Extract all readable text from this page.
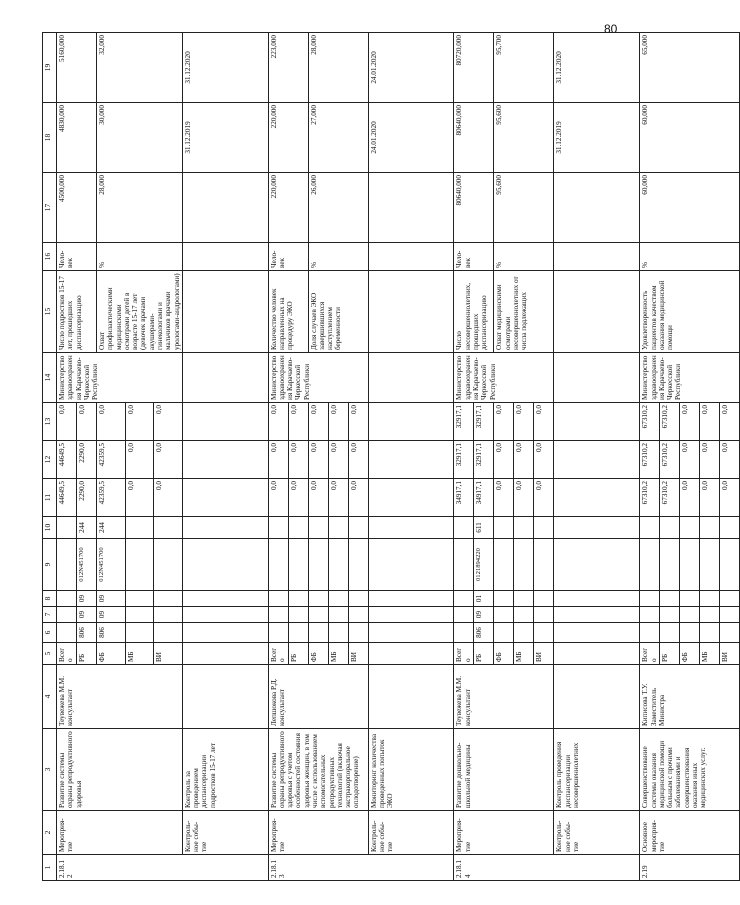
80
1	2	3	4	5	6	7	8	9	10	11	12	13	14	15	16	17	18	19	
2.18.12	Мероприя-тие	Развитие системы охраны репродуктивного здоровья	Теувежева М.М. консультант	Всего						44649,5	44649,5	0,0	Министерство здравоохранения Карачаево-Черкесской Республики	Число подростков 15-17 лет, прошедших диспансеризацию	Чело-век	4500,000	4830,000	5160,000	
				РБ	806	09	09	012N451700	244	2290,0	2290,0	0,0							
				ФБ	806	09	09	012N451700	244	42359,5	42359,5	0,0		Охват профилактическими медицинскими осмотрами детей в возрасте 15-17 лет (девочек врачами акушерами-гинекологами и мальчиков врачами урологами-андрологами)	%	28,000	30,000	32,000	
				МБ						0,0	0,0	0,0							
				ВИ						0,0	0,0	0,0							
	Контроль-ное собы-тие	Контроль за проведением диспансеризации подростков 15-17 лет															31.12.2019	31.12.2020	
2.18.13	Мероприя-тие	Развитие системы охраны репродуктивного здоровья с учетом особенностей состояния здоровья женщин, в том числе с использованием вспомогательных репродуктивных технологий (включая экстракорпоральное оплодотворение)	Лепшокова Р.Д. консультант	Всего						0,0	0,0	0,0	Министерство здравоохранения Карачаево-Черкесской Республики	Количество человек направленных на процедуру ЭКО	Чело-век	220,000	220,000	223,000	
				РБ						0,0	0,0	0,0							
				ФБ						0,0	0,0	0,0		Доля случаев ЭКО завершившихся наступлением беременности	%	26,000	27,000	28,000	
				МБ						0,0	0,0	0,0							
				ВИ						0,0	0,0	0,0							
	Контроль-ное собы-тие	Мониторинг количества проведенных попыток ЭКО															24.01.2020	24.01.2020	
2.18.14	Мероприя-тие	Развитие дошкольно-школьной медицины	Теувежева М.М. консультант	Всего						34917,1	32917,1	32917,1	Министерство здравоохранения Карачаево-Черкесской Республики	Число несовершеннолетних, прошедших диспансеризацию	Чело-век	80640,000	80640,000	80720,000	
				РБ	806	09	01	0121894220	611	34917,1	32917,1	32917,1							
				ФБ						0,0	0,0	0,0		Охват медицинскими осмотрами несовершеннолетних от числа подлежащих	%	95,600	95,600	95,700	
				МБ						0,0	0,0	0,0							
				ВИ						0,0	0,0	0,0							
	Контроль-ное собы-тие	Контроль проведения диспансеризации несовершеннолетних															31.12.2019	31.12.2020	
2.19	Основное мероприя-тие	Совершенствование системы оказания медицинской помощи больным с прочими заболеваниями и совершенствования оказания иных медицинских услуг.	Киписова Т.У. Заместитель Министра	Всего						67310,2	67310,2	67310,2	Министерство здравоохранения Карачаево-Черкесской Республики	Удовлетворенность пациентов качеством оказания медицинской помощи	%	60,000	60,000	65,000	
				РБ						67310,2	67310,2	67310,2							
				ФБ						0,0	0,0	0,0							
				МБ						0,0	0,0	0,0							
				ВИ						0,0	0,0	0,0							
